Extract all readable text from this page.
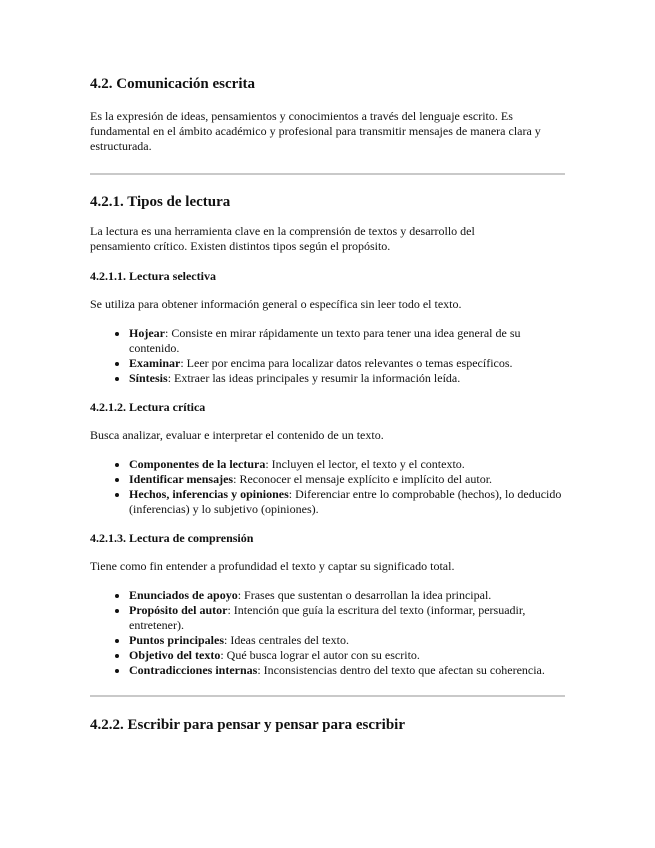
4.2. Comunicación escrita

Es la expresión de ideas, pensamientos y conocimientos a través del lenguaje escrito. Es fundamental en el ámbito académico y profesional para transmitir mensajes de manera clara y estructurada.

4.2.1. Tipos de lectura

La lectura es una herramienta clave en la comprensión de textos y desarrollo del pensamiento crítico. Existen distintos tipos según el propósito.

4.2.1.1. Lectura selectiva

Se utiliza para obtener información general o específica sin leer todo el texto.

• Hojear: Consiste en mirar rápidamente un texto para tener una idea general de su contenido.
• Examinar: Leer por encima para localizar datos relevantes o temas específicos.
• Síntesis: Extraer las ideas principales y resumir la información leída.
4.2.1.2. Lectura crítica

Busca analizar, evaluar e interpretar el contenido de un texto.

• Componentes de la lectura: Incluyen el lector, el texto y el contexto.
• Identificar mensajes: Reconocer el mensaje explícito e implícito del autor.
• Hechos, inferencias y opiniones: Diferenciar entre lo comprobable (hechos), lo deducido (inferencias) y lo subjetivo (opiniones).
4.2.1.3. Lectura de comprensión

Tiene como fin entender a profundidad el texto y captar su significado total.

• Enunciados de apoyo: Frases que sustentan o desarrollan la idea principal.
• Propósito del autor: Intención que guía la escritura del texto (informar, persuadir, entretener).
• Puntos principales: Ideas centrales del texto.
• Objetivo del texto: Qué busca lograr el autor con su escrito.
• Contradicciones internas: Inconsistencias dentro del texto que afectan su coherencia.
4.2.2. Escribir para pensar y pensar para escribir
